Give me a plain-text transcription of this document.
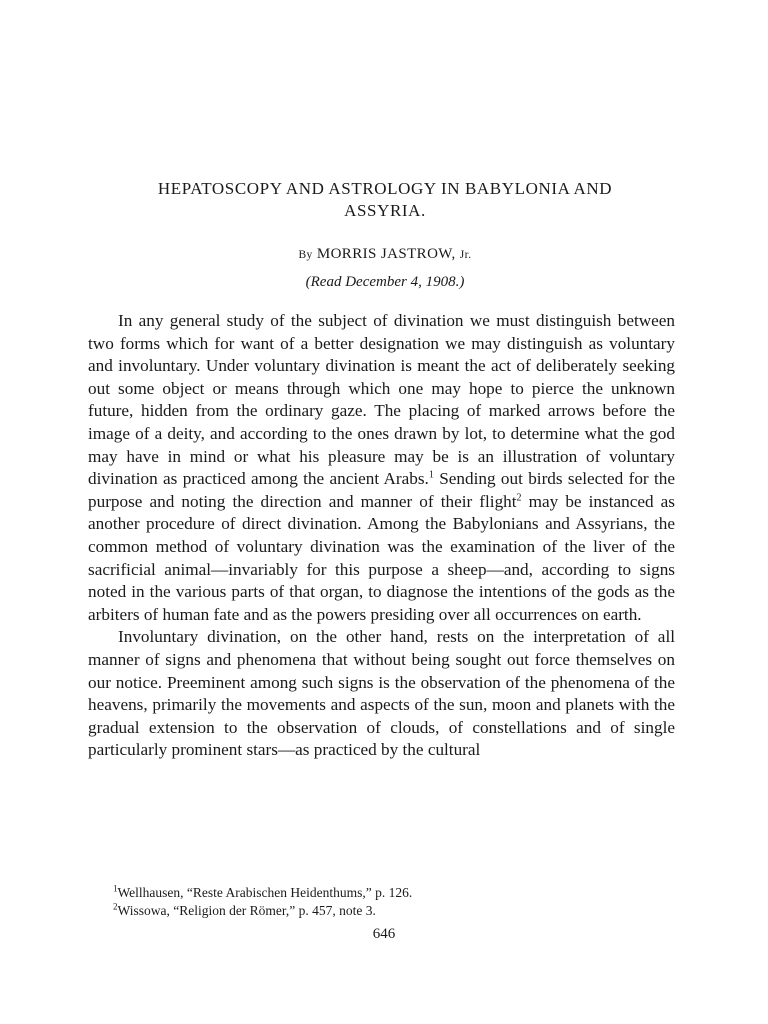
HEPATOSCOPY AND ASTROLOGY IN BABYLONIA AND
ASSYRIA.
By MORRIS JASTROW, Jr.
(Read December 4, 1908.)

In any general study of the subject of divination we must distinguish between two forms which for want of a better designation we may distinguish as voluntary and involuntary. Under voluntary divination is meant the act of deliberately seeking out some object or means through which one may hope to pierce the unknown future, hidden from the ordinary gaze. The placing of marked arrows before the image of a deity, and according to the ones drawn by lot, to determine what the god may have in mind or what his pleasure may be is an illustration of voluntary divination as practiced among the ancient Arabs.$^1$ Sending out birds selected for the purpose and noting the direction and manner of their flight$^2$ may be instanced as another procedure of direct divination. Among the Babylonians and Assyrians, the common method of voluntary divination was the examination of the liver of the sacrificial animal—invariably for this purpose a sheep—and, according to signs noted in the various parts of that organ, to diagnose the intentions of the gods as the arbiters of human fate and as the powers presiding over all occurrences on earth.

Involuntary divination, on the other hand, rests on the interpretation of all manner of signs and phenomena that without being sought out force themselves on our notice. Preeminent among such signs is the observation of the phenomena of the heavens, primarily the movements and aspects of the sun, moon and planets with the gradual extension to the observation of clouds, of constellations and of single particularly prominent stars—as practiced by the cultural

$^1$Wellhausen, “Reste Arabischen Heidenthums,” p. 126.
$^2$Wissowa, “Religion der Römer,” p. 457, note 3.
646
